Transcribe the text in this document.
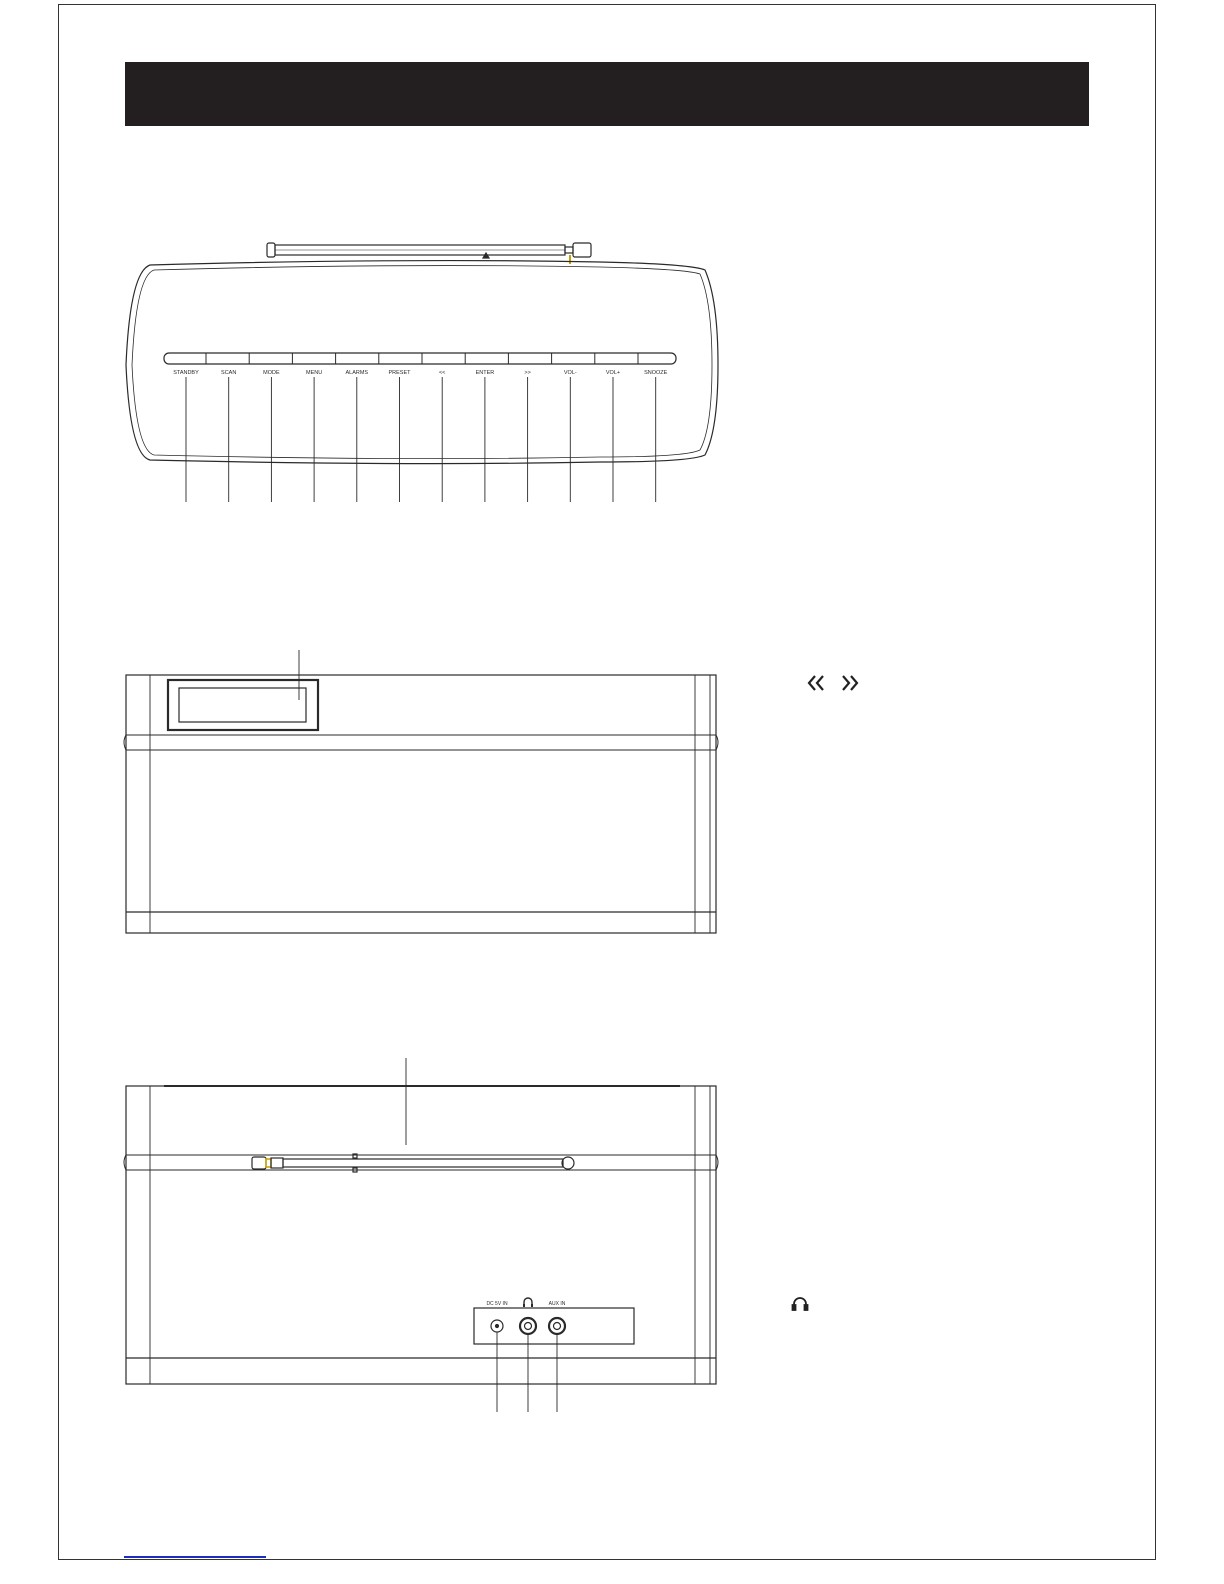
STANDBY	SCAN	MODE	MENU	ALARMS	PRESET	<<	ENTER	>>	VOL-	VOL+	SNOOZE
DC 5V IN	AUX IN
